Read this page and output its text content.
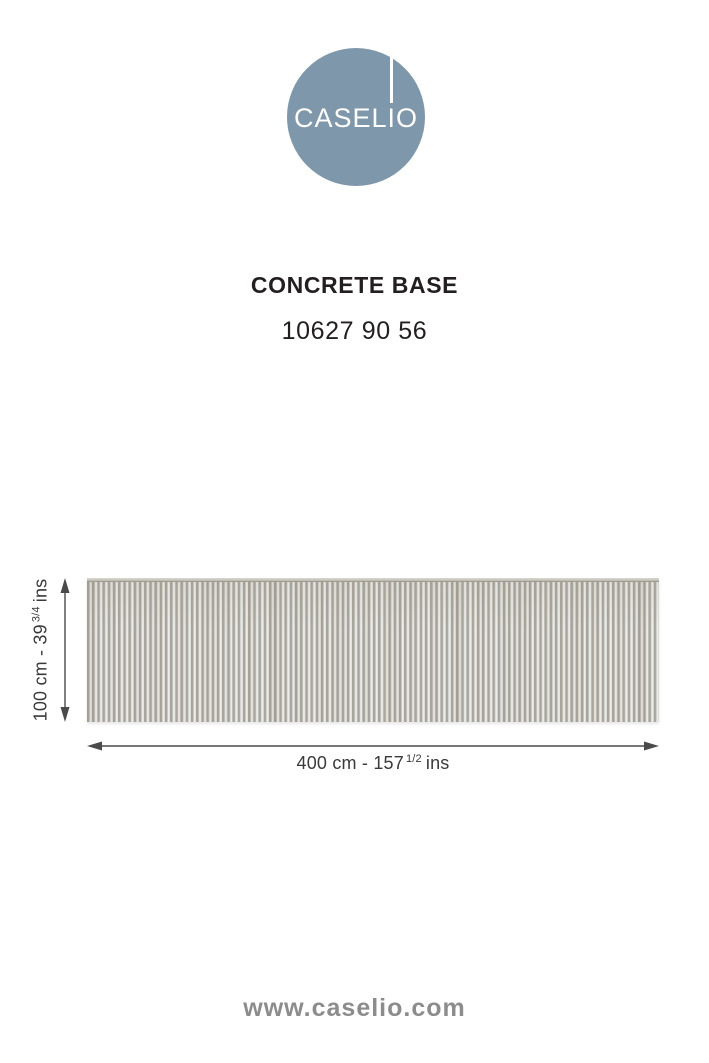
CASEL
IO
CONCRETE BASE
10627 90 56
100 cm - $39^{3/4}ins$
400 cm - 157 $^{1/2}$ ins
www.caselio.com
